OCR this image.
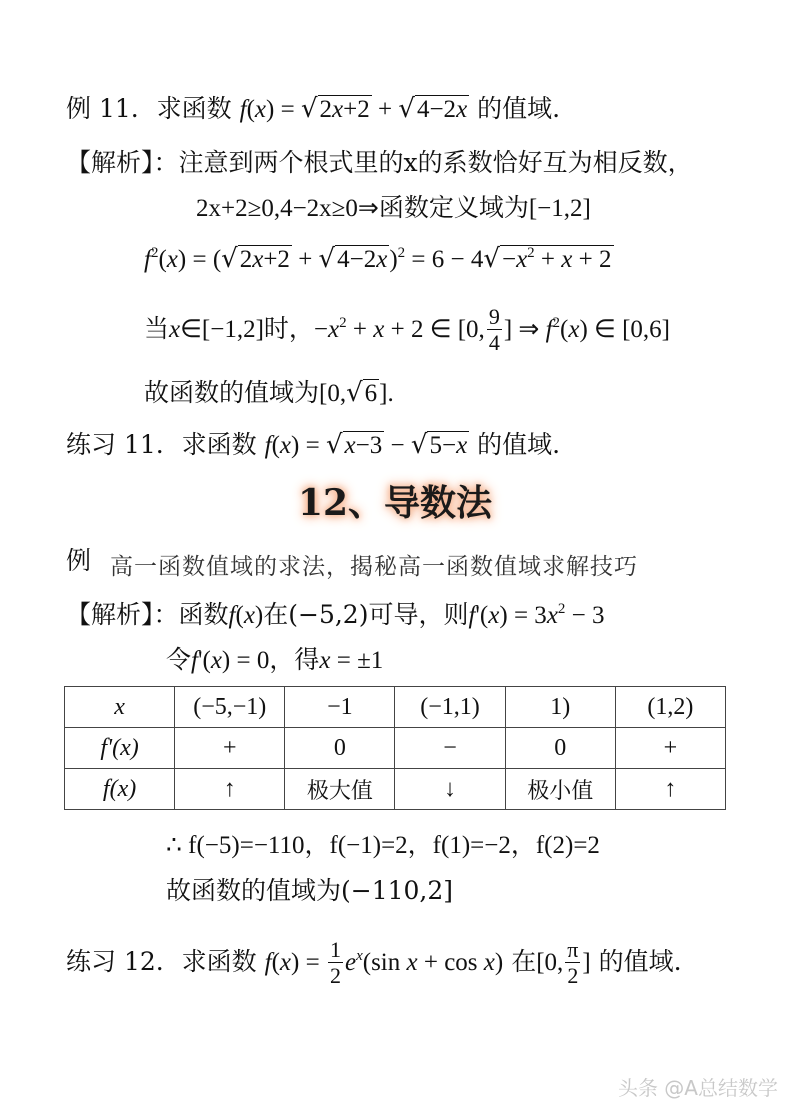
例 11. 求函数 f(x) = √2x+2 + √4−2x 的值域.
【解析】：注意到两个根式里的x的系数恰好互为相反数，
2x+2≥0,4−2x≥0⇒函数定义域为[−1,2]
$f^2(x) = (√2x+2 + √4-2x)^2 = 6 - 4√-x^2 + x + 2$
当x∈[−1,2]时，$-x^2 + x + 2$ ∈ [0, $\frac{9}{4}$ ] ⇒ $f^2(x)$ ∈ [0,6]
故函数的值域为[0,√6].
练习 11. 求函数 f(x) = √x−3 − √5−x 的值域.
12、导数法
例 高一函数值域的求法，揭秘高一函数值域求解技巧
【解析】：函数f(x)在(−5,2)可导，则$f'(x) = 3x^2 - 3$
令f'(x) = 0，得x = ±1
x	(−5,−1)	−1	(−1,1)	1)	(1,2)
f'(x)	+	0	−	0	+
f(x)	↑	极大值	↓	极小值	↑
∴ f(−5)=−110，f(−1)=2，f(1)=−2，f(2)=2
故函数的值域为(−110,2]
练习 12. 求函数 $f(x) = \frac{1}{2} e^x(\sin$ x + cos x) 在[0, $\frac{\pi}{2}$ ] 的值域.
头条 @A总结数学
